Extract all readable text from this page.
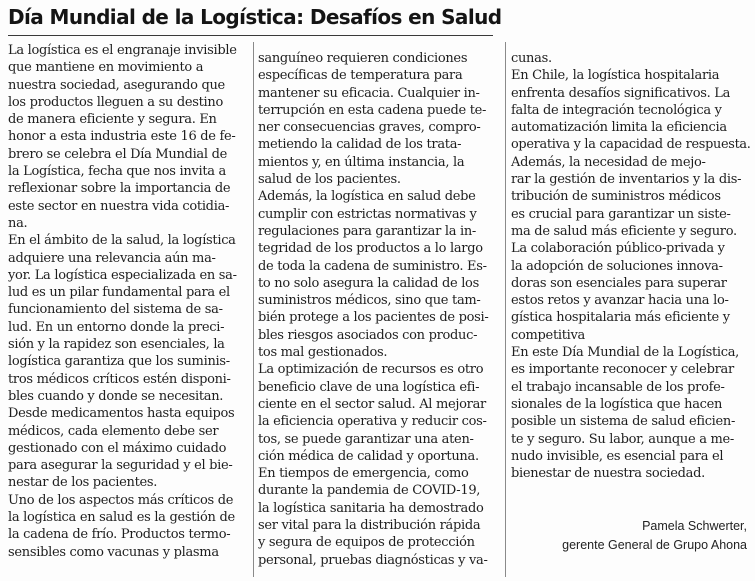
Día Mundial de la Logística: Desafíos en Salud
La logística es el engranaje invisible
que mantiene en movimiento a
nuestra sociedad, asegurando que
los productos lleguen a su destino
de manera eficiente y segura. En
honor a esta industria este 16 de fe-
brero se celebra el Día Mundial de
la Logística, fecha que nos invita a
reflexionar sobre la importancia de
este sector en nuestra vida cotidia-
na.
En el ámbito de la salud, la logística
adquiere una relevancia aún ma-
yor. La logística especializada en sa-
lud es un pilar fundamental para el
funcionamiento del sistema de sa-
lud. En un entorno donde la preci-
sión y la rapidez son esenciales, la
logística garantiza que los suminis-
tros médicos críticos estén disponi-
bles cuando y donde se necesitan.
Desde medicamentos hasta equipos
médicos, cada elemento debe ser
gestionado con el máximo cuidado
para asegurar la seguridad y el bie-
nestar de los pacientes.
Uno de los aspectos más críticos de
la logística en salud es la gestión de
la cadena de frío. Productos termo-
sensibles como vacunas y plasma
sanguíneo requieren condiciones
específicas de temperatura para
mantener su eficacia. Cualquier in-
terrupción en esta cadena puede te-
ner consecuencias graves, compro-
metiendo la calidad de los trata-
mientos y, en última instancia, la
salud de los pacientes.
Además, la logística en salud debe
cumplir con estrictas normativas y
regulaciones para garantizar la in-
tegridad de los productos a lo largo
de toda la cadena de suministro. Es-
to no solo asegura la calidad de los
suministros médicos, sino que tam-
bién protege a los pacientes de posi-
bles riesgos asociados con produc-
tos mal gestionados.
La optimización de recursos es otro
beneficio clave de una logística efi-
ciente en el sector salud. Al mejorar
la eficiencia operativa y reducir cos-
tos, se puede garantizar una aten-
ción médica de calidad y oportuna.
En tiempos de emergencia, como
durante la pandemia de COVID-19,
la logística sanitaria ha demostrado
ser vital para la distribución rápida
y segura de equipos de protección
personal, pruebas diagnósticas y va-
cunas.
En Chile, la logística hospitalaria
enfrenta desafíos significativos. La
falta de integración tecnológica y
automatización limita la eficiencia
operativa y la capacidad de respuesta.
Además, la necesidad de mejo-
rar la gestión de inventarios y la dis-
tribución de suministros médicos
es crucial para garantizar un siste-
ma de salud más eficiente y seguro.
La colaboración público-privada y
la adopción de soluciones innova-
doras son esenciales para superar
estos retos y avanzar hacia una lo-
gística hospitalaria más eficiente y
competitiva
En este Día Mundial de la Logística,
es importante reconocer y celebrar
el trabajo incansable de los profe-
sionales de la logística que hacen
posible un sistema de salud eficien-
te y seguro. Su labor, aunque a me-
nudo invisible, es esencial para el
bienestar de nuestra sociedad.
Pamela Schwerter,
gerente General de Grupo Ahona
